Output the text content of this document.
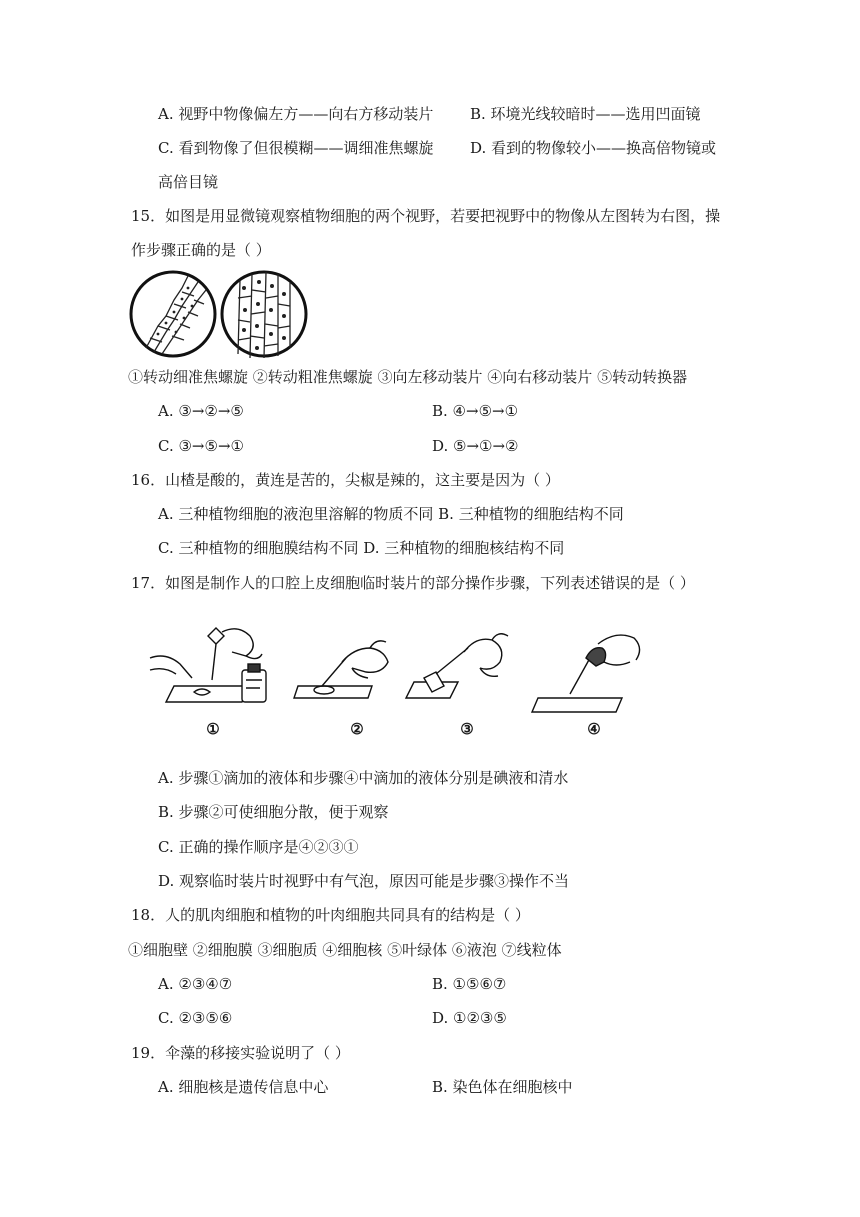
A. 视野中物像偏左方——向右方移动装片 B. 环境光线较暗时——选用凹面镜
C. 看到物像了但很模糊——调细准焦螺旋 D. 看到的物像较小——换高倍物镜或
高倍目镜
15．如图是用显微镜观察植物细胞的两个视野，若要把视野中的物像从左图转为右图，操
作步骤正确的是（ ）
①转动细准焦螺旋 ②转动粗准焦螺旋 ③向左移动装片 ④向右移动装片 ⑤转动转换器
A. ③→②→⑤	B. ④→⑤→①
C. ③→⑤→①	D. ⑤→①→②
16．山楂是酸的，黄连是苦的，尖椒是辣的，这主要是因为（ ）
A. 三种植物细胞的液泡里溶解的物质不同 B. 三种植物的细胞结构不同
C. 三种植物的细胞膜结构不同 D. 三种植物的细胞核结构不同
17．如图是制作人的口腔上皮细胞临时装片的部分操作步骤，下列表述错误的是（ ）
①	②	③	④
A. 步骤①滴加的液体和步骤④中滴加的液体分别是碘液和清水
B. 步骤②可使细胞分散，便于观察
C. 正确的操作顺序是④②③①
D. 观察临时装片时视野中有气泡，原因可能是步骤③操作不当
18．人的肌肉细胞和植物的叶肉细胞共同具有的结构是（ ）
①细胞壁 ②细胞膜 ③细胞质 ④细胞核 ⑤叶绿体 ⑥液泡 ⑦线粒体
A. ②③④⑦	B. ①⑤⑥⑦
C. ②③⑤⑥	D. ①②③⑤
19．伞藻的移接实验说明了（ ）
A. 细胞核是遗传信息中心	B. 染色体在细胞核中
